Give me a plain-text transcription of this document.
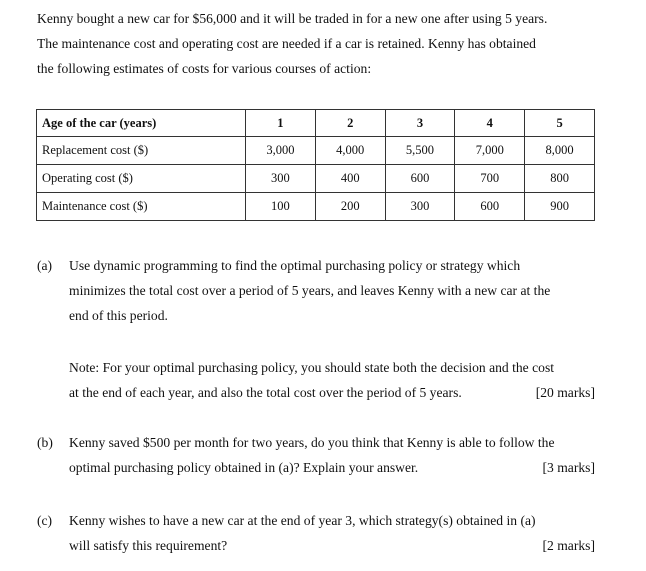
Kenny bought a new car for $56,000 and it will be traded in for a new one after using 5 years.
The maintenance cost and operating cost are needed if a car is retained. Kenny has obtained
the following estimates of costs for various courses of action:

Age of the car (years)	1	2	3	4	5
Replacement cost ($)	3,000	4,000	5,500	7,000	8,000
Operating cost ($)	300	400	600	700	800
Maintenance cost ($)	100	200	300	600	900
(a) Use dynamic programming to find the optimal purchasing policy or strategy which
minimizes the total cost over a period of 5 years, and leaves Kenny with a new car at the
end of this period.
Note: For your optimal purchasing policy, you should state both the decision and the cost
at the end of each year, and also the total cost over the period of 5 years.	[20 marks]
(b) Kenny saved $500 per month for two years, do you think that Kenny is able to follow the
optimal purchasing policy obtained in (a)? Explain your answer.	[3 marks]
(c) Kenny wishes to have a new car at the end of year 3, which strategy(s) obtained in (a)
will satisfy this requirement?	[2 marks]
